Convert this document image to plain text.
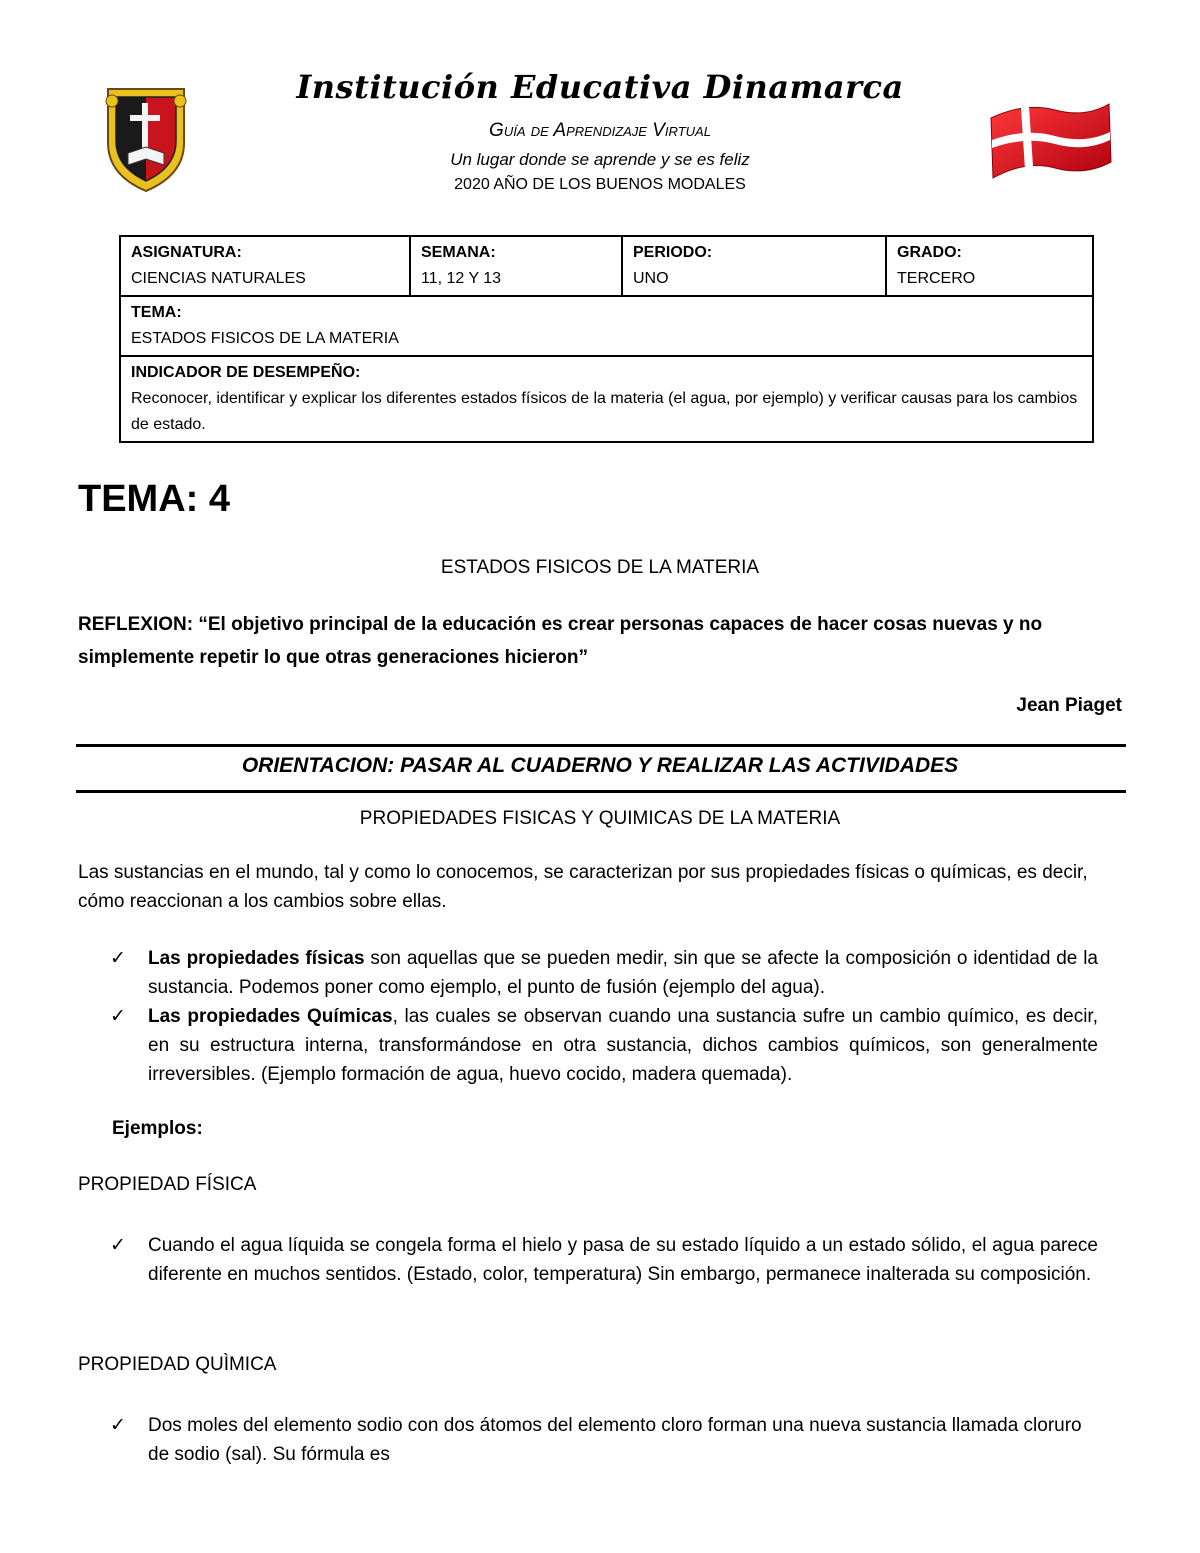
Institución Educativa Dinamarca
Guía de Aprendizaje Virtual
Un lugar donde se aprende y se es feliz
2020 AÑO DE LOS BUENOS MODALES
ASIGNATURA:
CIENCIAS NATURALES

SEMANA:
11, 12 Y 13

PERIODO:
UNO

GRADO:
TERCERO

TEMA:
ESTADOS FISICOS DE LA MATERIA

INDICADOR DE DESEMPEÑO:
Reconocer, identificar y explicar los diferentes estados físicos de la materia (el agua, por ejemplo) y verificar causas para los cambios de estado.
TEMA: 4
ESTADOS FISICOS DE LA MATERIA
REFLEXION: “El objetivo principal de la educación es crear personas capaces de hacer cosas nuevas y no simplemente repetir lo que otras generaciones hicieron”
Jean Piaget
ORIENTACION: PASAR AL CUADERNO Y REALIZAR LAS ACTIVIDADES
PROPIEDADES FISICAS Y QUIMICAS DE LA MATERIA
Las sustancias en el mundo, tal y como lo conocemos, se caracterizan por sus propiedades físicas o químicas, es decir, cómo reaccionan a los cambios sobre ellas.
✓	Las propiedades físicas son aquellas que se pueden medir, sin que se afecte la composición o identidad de la sustancia. Podemos poner como ejemplo, el punto de fusión (ejemplo del agua).
✓	Las propiedades Químicas, las cuales se observan cuando una sustancia sufre un cambio químico, es decir, en su estructura interna, transformándose en otra sustancia, dichos cambios químicos, son generalmente irreversibles. (Ejemplo formación de agua, huevo cocido, madera quemada).
Ejemplos:
PROPIEDAD FÍSICA
✓	Cuando el agua líquida se congela forma el hielo y pasa de su estado líquido a un estado sólido, el agua parece diferente en muchos sentidos. (Estado, color, temperatura) Sin embargo, permanece inalterada su composición.
PROPIEDAD QUÌMICA
✓	Dos moles del elemento sodio con dos átomos del elemento cloro forman una nueva sustancia llamada cloruro de sodio (sal). Su fórmula es
